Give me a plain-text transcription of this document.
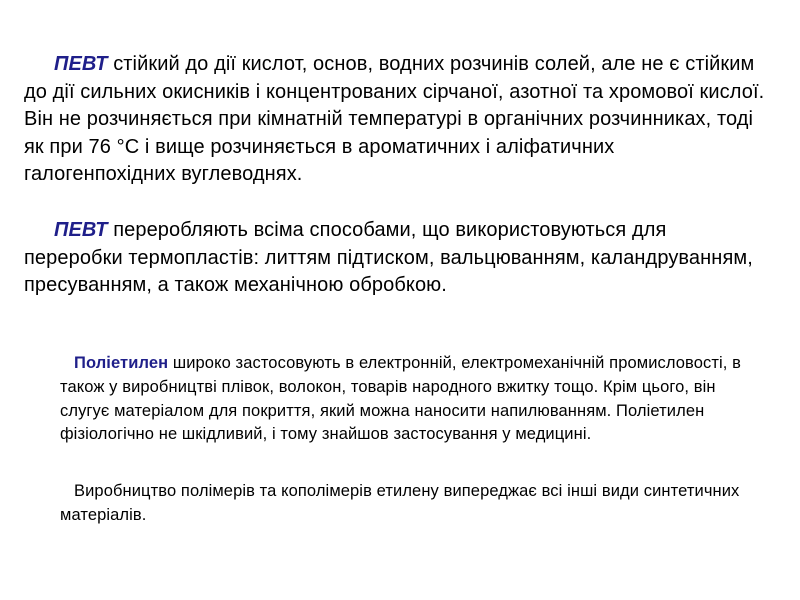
ПЕВТ стійкий до дії кислот, основ, водних розчинів солей, але не є стійким до дії сильних окисників і концентрованих сірчаної, азотної та хромової кислої. Він не розчиняється при кімнатній температурі в органічних розчинниках, тоді як при 76 °С і вище розчиняється в ароматичних і аліфатичних галогенпохідних вуглеводнях.

ПЕВТ переробляють всіма способами, що використовуються для переробки термопластів: литтям підтиском, вальцюванням, каландруванням, пресуванням, а також механічною обробкою.

Поліетилен широко застосовують в електронній, електромеханічній промисловості, в також у виробництві плівок, волокон, товарів народного вжитку тощо. Крім цього, він слугує матеріалом для покриття, який можна наносити напилюванням. Поліетилен фізіологічно не шкідливий, і тому знайшов застосування у медицині.

Виробництво полімерів та кополімерів етилену випереджає всі інші види синтетичних матеріалів.
